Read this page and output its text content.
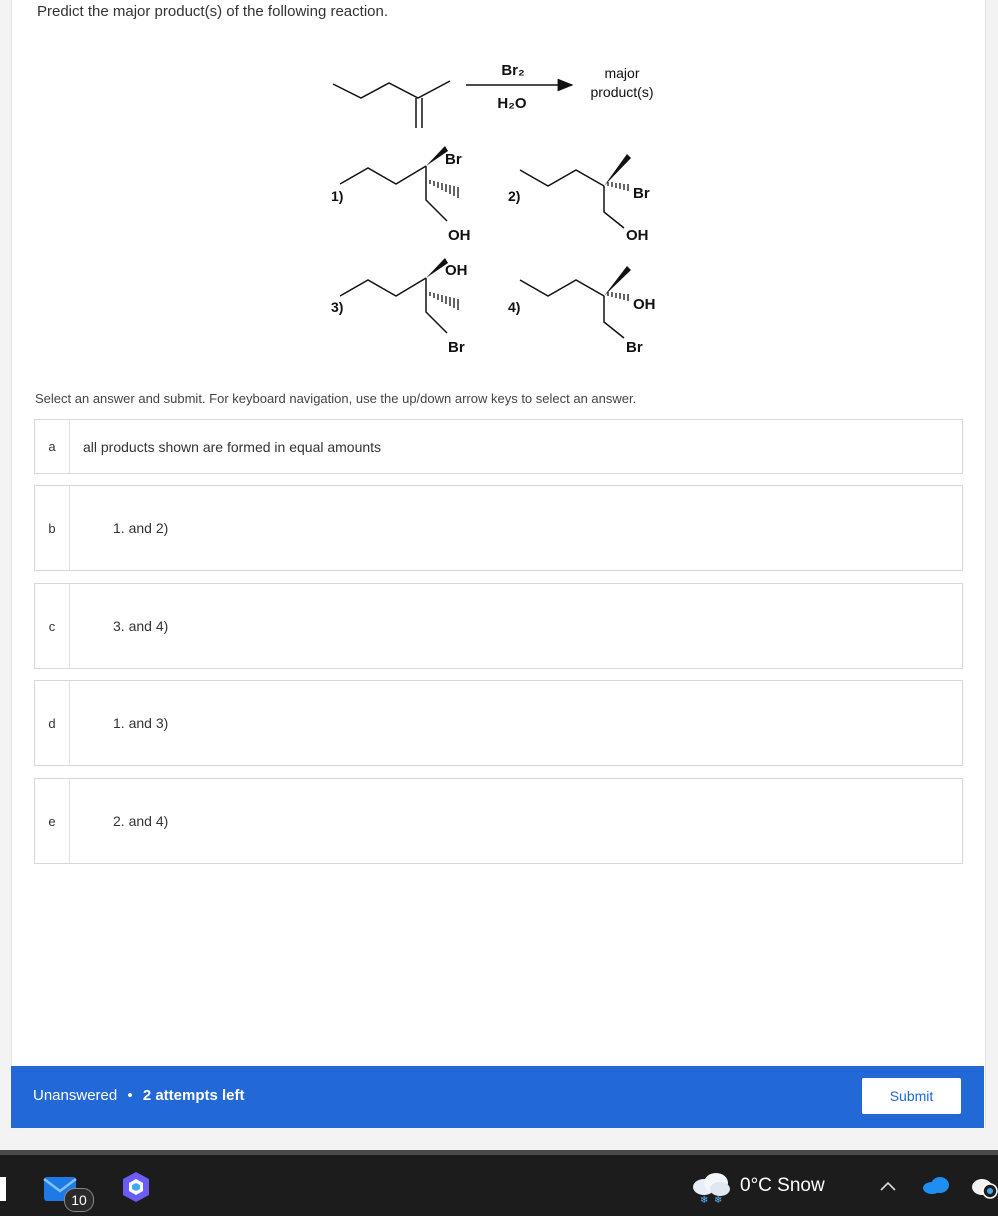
Predict the major product(s) of the following reaction.
Select an answer and submit. For keyboard navigation, use the up/down arrow keys to select an answer.
a	all products shown are formed in equal amounts
b	1. and 2)
c	3. and 4)
d	1. and 3)
e	2. and 4)
Br₂
H₂O
major
product(s)
1)
Br
OH
2)	Br
OH
3)
OH
Br
4)	OH
Br
Unanswered • 2 attempts left	Submit
10	❄ ❄
0°C Snow
